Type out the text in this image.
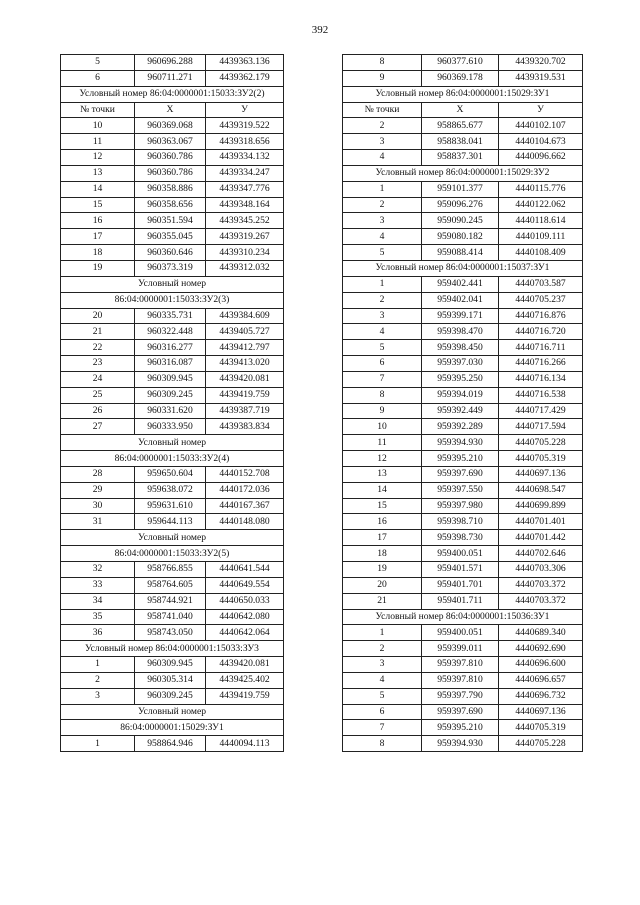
392
5	960696.288	4439363.136
6	960711.271	4439362.179
Условный номер 86:04:0000001:15033:ЗУ2(2)		
№ точки	Х	У
10	960369.068	4439319.522
11	960363.067	4439318.656
12	960360.786	4439334.132
13	960360.786	4439334.247
14	960358.886	4439347.776
15	960358.656	4439348.164
16	960351.594	4439345.252
17	960355.045	4439319.267
18	960360.646	4439310.234
19	960373.319	4439312.032
Условный номер		
86:04:0000001:15033:ЗУ2(3)		
20	960335.731	4439384.609
21	960322.448	4439405.727
22	960316.277	4439412.797
23	960316.087	4439413.020
24	960309.945	4439420.081
25	960309.245	4439419.759
26	960331.620	4439387.719
27	960333.950	4439383.834
Условный номер		
86:04:0000001:15033:ЗУ2(4)		
28	959650.604	4440152.708
29	959638.072	4440172.036
30	959631.610	4440167.367
31	959644.113	4440148.080
Условный номер		
86:04:0000001:15033:ЗУ2(5)		
32	958766.855	4440641.544
33	958764.605	4440649.554
34	958744.921	4440650.033
35	958741.040	4440642.080
36	958743.050	4440642.064
Условный номер 86:04:0000001:15033:ЗУ3		
1	960309.945	4439420.081
2	960305.314	4439425.402
3	960309.245	4439419.759
Условный номер		
86:04:0000001:15029:ЗУ1		
1	958864.946	4440094.113
8	960377.610	4439320.702
9	960369.178	4439319.531
Условный номер 86:04:0000001:15029:ЗУ1		
№ точки	Х	У
2	958865.677	4440102.107
3	958838.041	4440104.673
4	958837.301	4440096.662
Условный номер 86:04:0000001:15029:ЗУ2		
1	959101.377	4440115.776
2	959096.276	4440122.062
3	959090.245	4440118.614
4	959080.182	4440109.111
5	959088.414	4440108.409
Условный номер 86:04:0000001:15037:ЗУ1		
1	959402.441	4440703.587
2	959402.041	4440705.237
3	959399.171	4440716.876
4	959398.470	4440716.720
5	959398.450	4440716.711
6	959397.030	4440716.266
7	959395.250	4440716.134
8	959394.019	4440716.538
9	959392.449	4440717.429
10	959392.289	4440717.594
11	959394.930	4440705.228
12	959395.210	4440705.319
13	959397.690	4440697.136
14	959397.550	4440698.547
15	959397.980	4440699.899
16	959398.710	4440701.401
17	959398.730	4440701.442
18	959400.051	4440702.646
19	959401.571	4440703.306
20	959401.701	4440703.372
21	959401.711	4440703.372
Условный номер 86:04:0000001:15036:ЗУ1		
1	959400.051	4440689.340
2	959399.011	4440692.690
3	959397.810	4440696.600
4	959397.810	4440696.657
5	959397.790	4440696.732
6	959397.690	4440697.136
7	959395.210	4440705.319
8	959394.930	4440705.228
